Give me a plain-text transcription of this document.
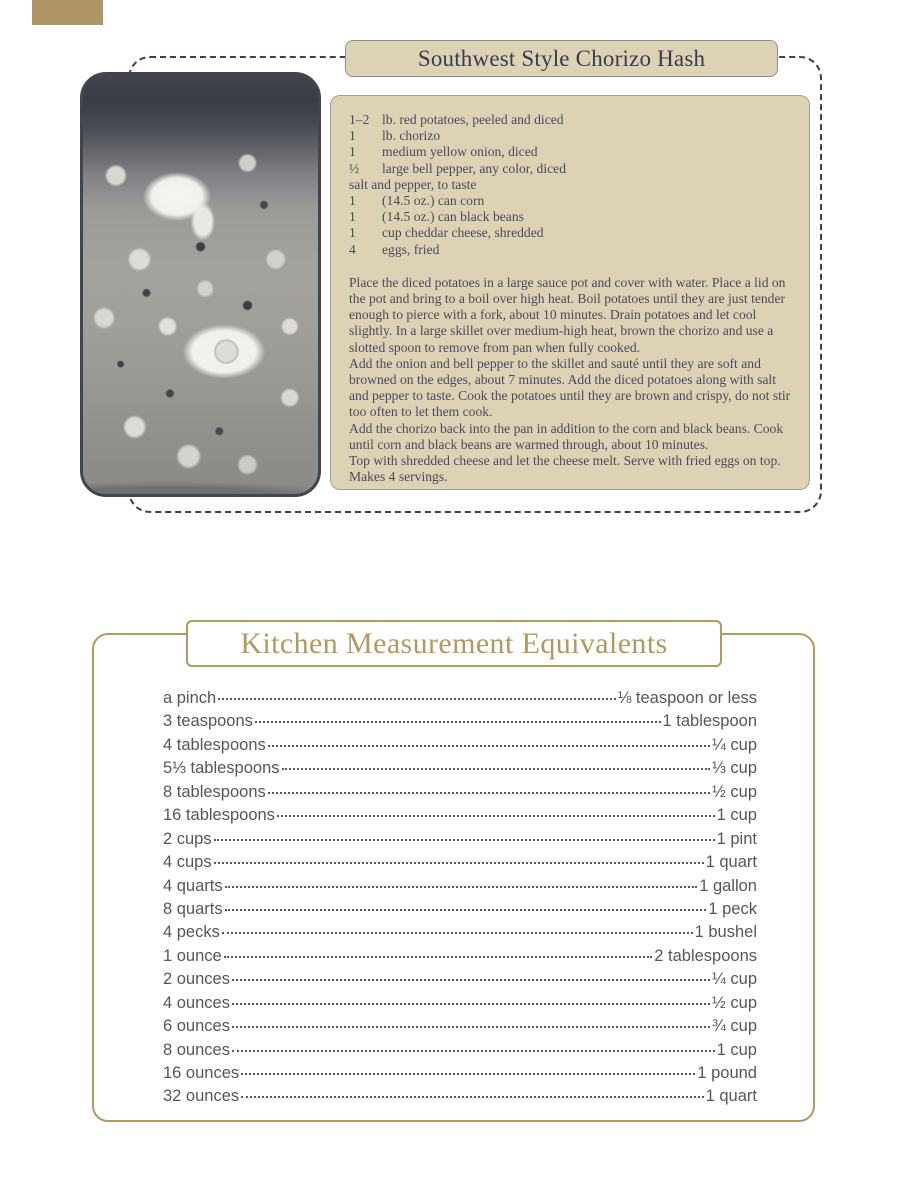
Southwest Style Chorizo Hash
1–2 lb. red potatoes, peeled and diced
1	lb. chorizo
1	medium yellow onion, diced
½	large bell pepper, any color, diced
salt and pepper, to taste
1	(14.5 oz.) can corn
1	(14.5 oz.) can black beans
1	cup cheddar cheese, shredded
4	eggs, fried

Place the diced potatoes in a large sauce pot and cover with water. Place a lid on the pot and bring to a boil over high heat. Boil potatoes until they are just tender enough to pierce with a fork, about 10 minutes. Drain potatoes and let cool slightly. In a large skillet over medium-high heat, brown the chorizo and use a slotted spoon to remove from pan when fully cooked.

Add the onion and bell pepper to the skillet and sauté until they are soft and browned on the edges, about 7 minutes. Add the diced potatoes along with salt and pepper to taste. Cook the potatoes until they are brown and crispy, do not stir too often to let them cook.

Add the chorizo back into the pan in addition to the corn and black beans. Cook until corn and black beans are warmed through, about 10 minutes.

Top with shredded cheese and let the cheese melt. Serve with fried eggs on top. Makes 4 servings.

Kitchen Measurement Equivalents
a pinch	⅛ teaspoon or less
3 teaspoons	1 tablespoon
4 tablespoons	¼ cup
5⅓ tablespoons	⅓ cup
8 tablespoons	½ cup
16 tablespoons	1 cup
2 cups	1 pint
4 cups	1 quart
4 quarts	1 gallon
8 quarts	1 peck
4 pecks	1 bushel
1 ounce	2 tablespoons
2 ounces	¼ cup
4 ounces	½ cup
6 ounces	¾ cup
8 ounces	1 cup
16 ounces	1 pound
32 ounces	1 quart
